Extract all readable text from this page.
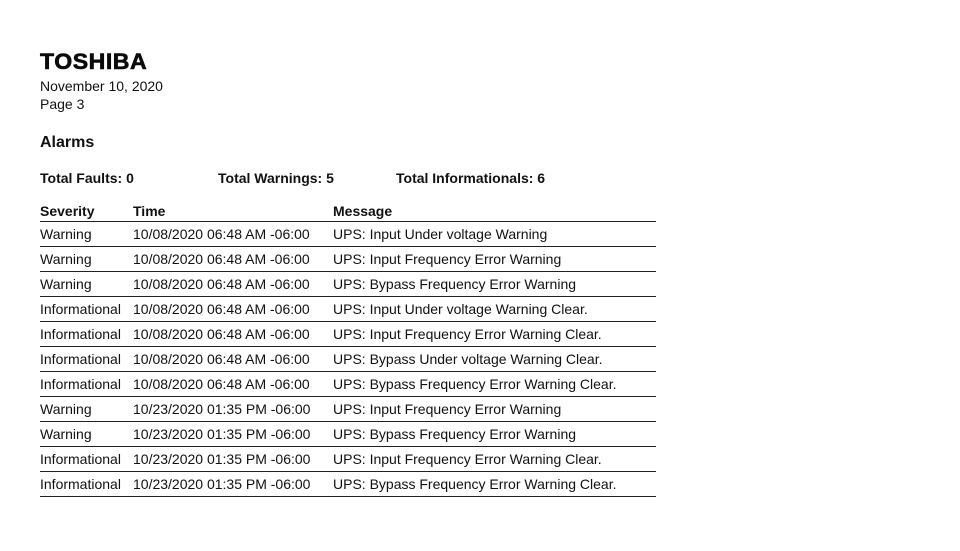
TOSHIBA
November 10, 2020
Page 3
Alarms
Total Faults: 0	Total Warnings: 5	Total Informationals: 6
Severity	Time	Message
Warning	10/08/2020 06:48 AM -06:00	UPS: Input Under voltage Warning
Warning	10/08/2020 06:48 AM -06:00	UPS: Input Frequency Error Warning
Warning	10/08/2020 06:48 AM -06:00	UPS: Bypass Frequency Error Warning
Informational	10/08/2020 06:48 AM -06:00	UPS: Input Under voltage Warning Clear.
Informational	10/08/2020 06:48 AM -06:00	UPS: Input Frequency Error Warning Clear.
Informational	10/08/2020 06:48 AM -06:00	UPS: Bypass Under voltage Warning Clear.
Informational	10/08/2020 06:48 AM -06:00	UPS: Bypass Frequency Error Warning Clear.
Warning	10/23/2020 01:35 PM -06:00	UPS: Input Frequency Error Warning
Warning	10/23/2020 01:35 PM -06:00	UPS: Bypass Frequency Error Warning
Informational	10/23/2020 01:35 PM -06:00	UPS: Input Frequency Error Warning Clear.
Informational	10/23/2020 01:35 PM -06:00	UPS: Bypass Frequency Error Warning Clear.
